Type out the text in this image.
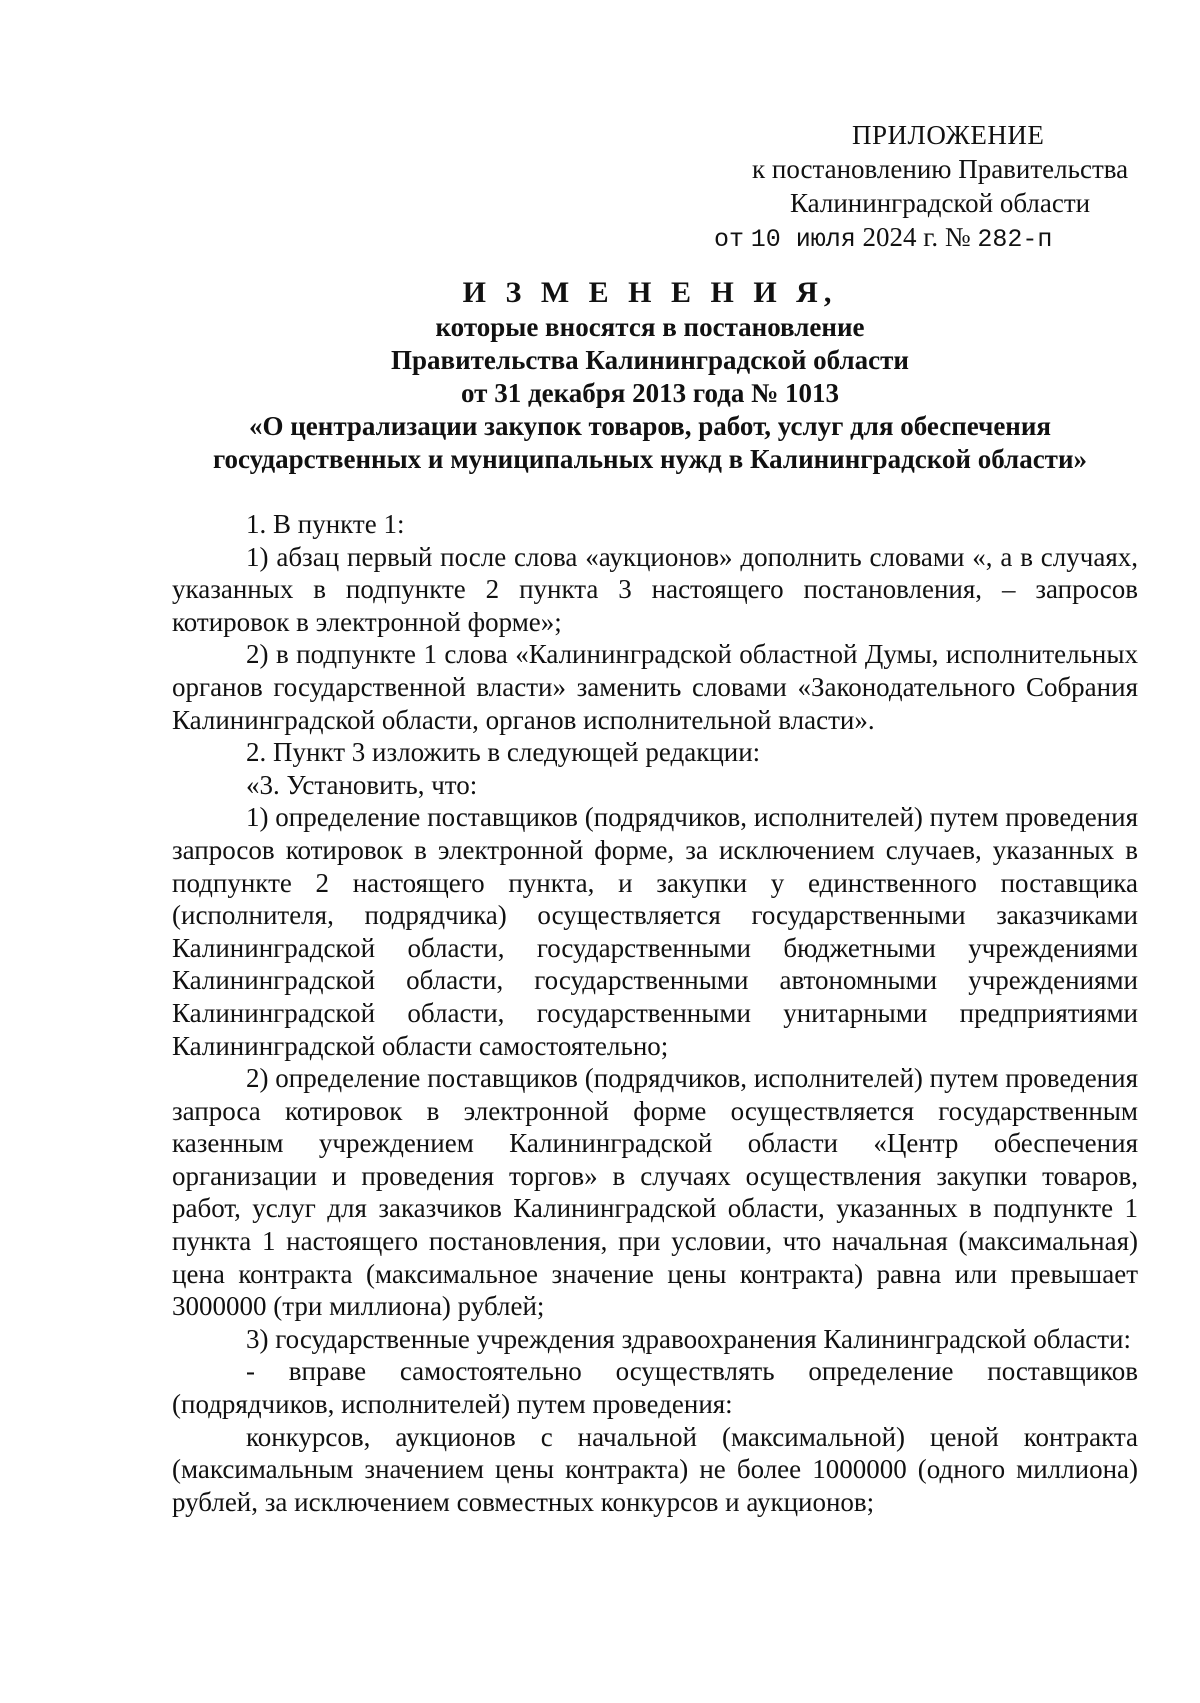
ПРИЛОЖЕНИЕ
к постановлению Правительства
Калининградской области
от 10 июля 2024 г. № 282-п
И З М Е Н Е Н И Я,
которые вносятся в постановление
Правительства Калининградской области
от 31 декабря 2013 года № 1013
«О централизации закупок товаров, работ, услуг для обеспечения
государственных и муниципальных нужд в Калининградской области»

1. В пункте 1:

1) абзац первый после слова «аукционов» дополнить словами «, а в случаях, указанных в подпункте 2 пункта 3 настоящего постановления, – запросов котировок в электронной форме»;

2) в подпункте 1 слова «Калининградской областной Думы, исполнительных органов государственной власти» заменить словами «Законодательного Собрания Калининградской области, органов исполнительной власти».

2. Пункт 3 изложить в следующей редакции:

«3. Установить, что:

1) определение поставщиков (подрядчиков, исполнителей) путем проведения запросов котировок в электронной форме, за исключением случаев, указанных в подпункте 2 настоящего пункта, и закупки у единственного поставщика (исполнителя, подрядчика) осуществляется государственными заказчиками Калининградской области, государственными бюджетными учреждениями Калининградской области, государственными автономными учреждениями Калининградской области, государственными унитарными предприятиями Калининградской области самостоятельно;

2) определение поставщиков (подрядчиков, исполнителей) путем проведения запроса котировок в электронной форме осуществляется государственным казенным учреждением Калининградской области «Центр обеспечения организации и проведения торгов» в случаях осуществления закупки товаров, работ, услуг для заказчиков Калининградской области, указанных в подпункте 1 пункта 1 настоящего постановления, при условии, что начальная (максимальная) цена контракта (максимальное значение цены контракта) равна или превышает 3000000 (три миллиона) рублей;

3) государственные учреждения здравоохранения Калининградской области:

- вправе самостоятельно осуществлять определение поставщиков (подрядчиков, исполнителей) путем проведения:

конкурсов, аукционов с начальной (максимальной) ценой контракта (максимальным значением цены контракта) не более 1000000 (одного миллиона) рублей, за исключением совместных конкурсов и аукционов;
